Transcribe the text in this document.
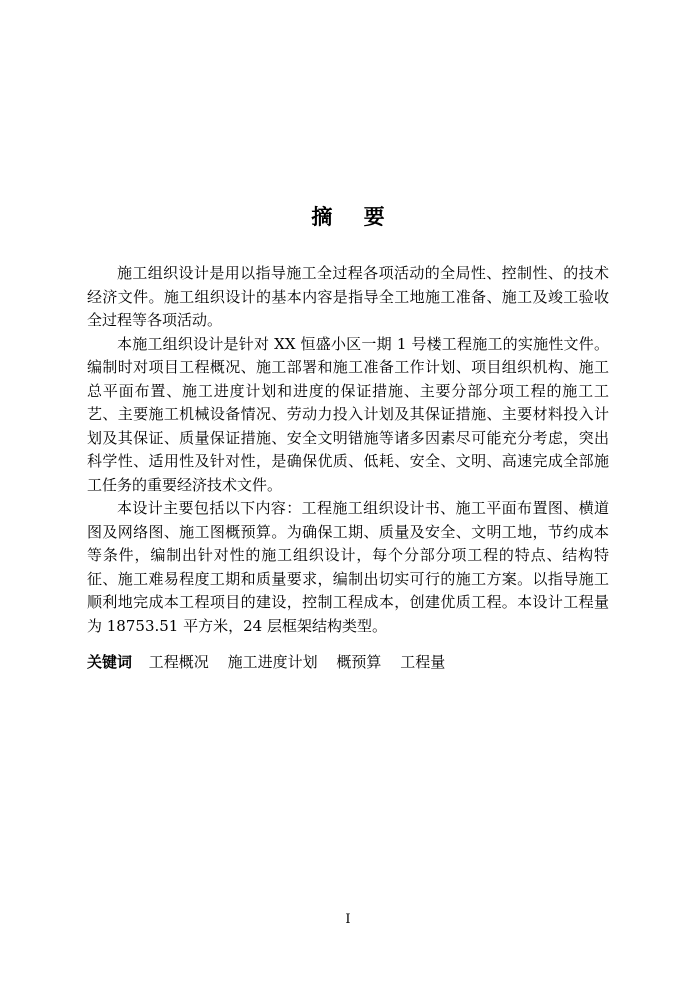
摘 要

施工组织设计是用以指导施工全过程各项活动的全局性、控制性、的技术经济文件。施工组织设计的基本内容是指导全工地施工准备、施工及竣工验收全过程等各项活动。

本施工组织设计是针对 XX 恒盛小区一期 1 号楼工程施工的实施性文件。编制时对项目工程概况、施工部署和施工准备工作计划、项目组织机构、施工总平面布置、施工进度计划和进度的保证措施、主要分部分项工程的施工工艺、主要施工机械设备情况、劳动力投入计划及其保证措施、主要材料投入计划及其保证、质量保证措施、安全文明错施等诸多因素尽可能充分考虑，突出科学性、适用性及针对性，是确保优质、低耗、安全、文明、高速完成全部施工任务的重要经济技术文件。

本设计主要包括以下内容：工程施工组织设计书、施工平面布置图、横道图及网络图、施工图概预算。为确保工期、质量及安全、文明工地，节约成本等条件，编制出针对性的施工组织设计，每个分部分项工程的特点、结构特征、施工难易程度工期和质量要求，编制出切实可行的施工方案。以指导施工顺利地完成本工程项目的建设，控制工程成本，创建优质工程。本设计工程量为 18753.51 平方米，24 层框架结构类型。

关键词 工程概况 施工进度计划 概预算 工程量
I
